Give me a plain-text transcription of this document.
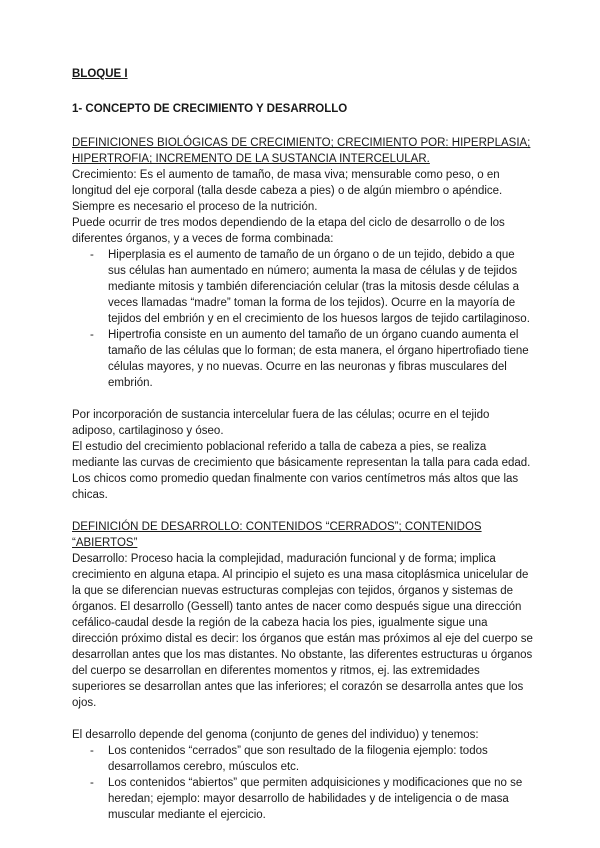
BLOQUE I

1- CONCEPTO DE CRECIMIENTO Y DESARROLLO

DEFINICIONES BIOLÓGICAS DE CRECIMIENTO; CRECIMIENTO POR: HIPERPLASIA; HIPERTROFIA; INCREMENTO DE LA SUSTANCIA INTERCELULAR.

Crecimiento: Es el aumento de tamaño, de masa viva; mensurable como peso, o en longitud del eje corporal (talla desde cabeza a pies) o de algún miembro o apéndice. Siempre es necesario el proceso de la nutrición.

Puede ocurrir de tres modos dependiendo de la etapa del ciclo de desarrollo o de los diferentes órganos, y a veces de forma combinada:

- Hiperplasia es el aumento de tamaño de un órgano o de un tejido, debido a que sus células han aumentado en número; aumenta la masa de células y de tejidos mediante mitosis y también diferenciación celular (tras la mitosis desde células a veces llamadas “madre” toman la forma de los tejidos). Ocurre en la mayoría de tejidos del embrión y en el crecimiento de los huesos largos de tejido cartilaginoso.
- Hipertrofia consiste en un aumento del tamaño de un órgano cuando aumenta el tamaño de las células que lo forman; de esta manera, el órgano hipertrofiado tiene células mayores, y no nuevas. Ocurre en las neuronas y fibras musculares del embrión.

Por incorporación de sustancia intercelular fuera de las células; ocurre en el tejido adiposo, cartilaginoso y óseo.

El estudio del crecimiento poblacional referido a talla de cabeza a pies, se realiza mediante las curvas de crecimiento que básicamente representan la talla para cada edad. Los chicos como promedio quedan finalmente con varios centímetros más altos que las chicas.

DEFINICIÓN DE DESARROLLO: CONTENIDOS “CERRADOS”; CONTENIDOS “ABIERTOS”

Desarrollo: Proceso hacia la complejidad, maduración funcional y de forma; implica crecimiento en alguna etapa. Al principio el sujeto es una masa citoplásmica unicelular de la que se diferencian nuevas estructuras complejas con tejidos, órganos y sistemas de órganos. El desarrollo (Gessell) tanto antes de nacer como después sigue una dirección cefálico-caudal desde la región de la cabeza hacia los pies, igualmente sigue una dirección próximo distal es decir: los órganos que están mas próximos al eje del cuerpo se desarrollan antes que los mas distantes. No obstante, las diferentes estructuras u órganos del cuerpo se desarrollan en diferentes momentos y ritmos, ej. las extremidades superiores se desarrollan antes que las inferiores; el corazón se desarrolla antes que los ojos.

El desarrollo depende del genoma (conjunto de genes del individuo) y tenemos:

- Los contenidos “cerrados” que son resultado de la filogenia ejemplo: todos desarrollamos cerebro, músculos etc.
- Los contenidos “abiertos” que permiten adquisiciones y modificaciones que no se heredan; ejemplo: mayor desarrollo de habilidades y de inteligencia o de masa muscular mediante el ejercicio.
